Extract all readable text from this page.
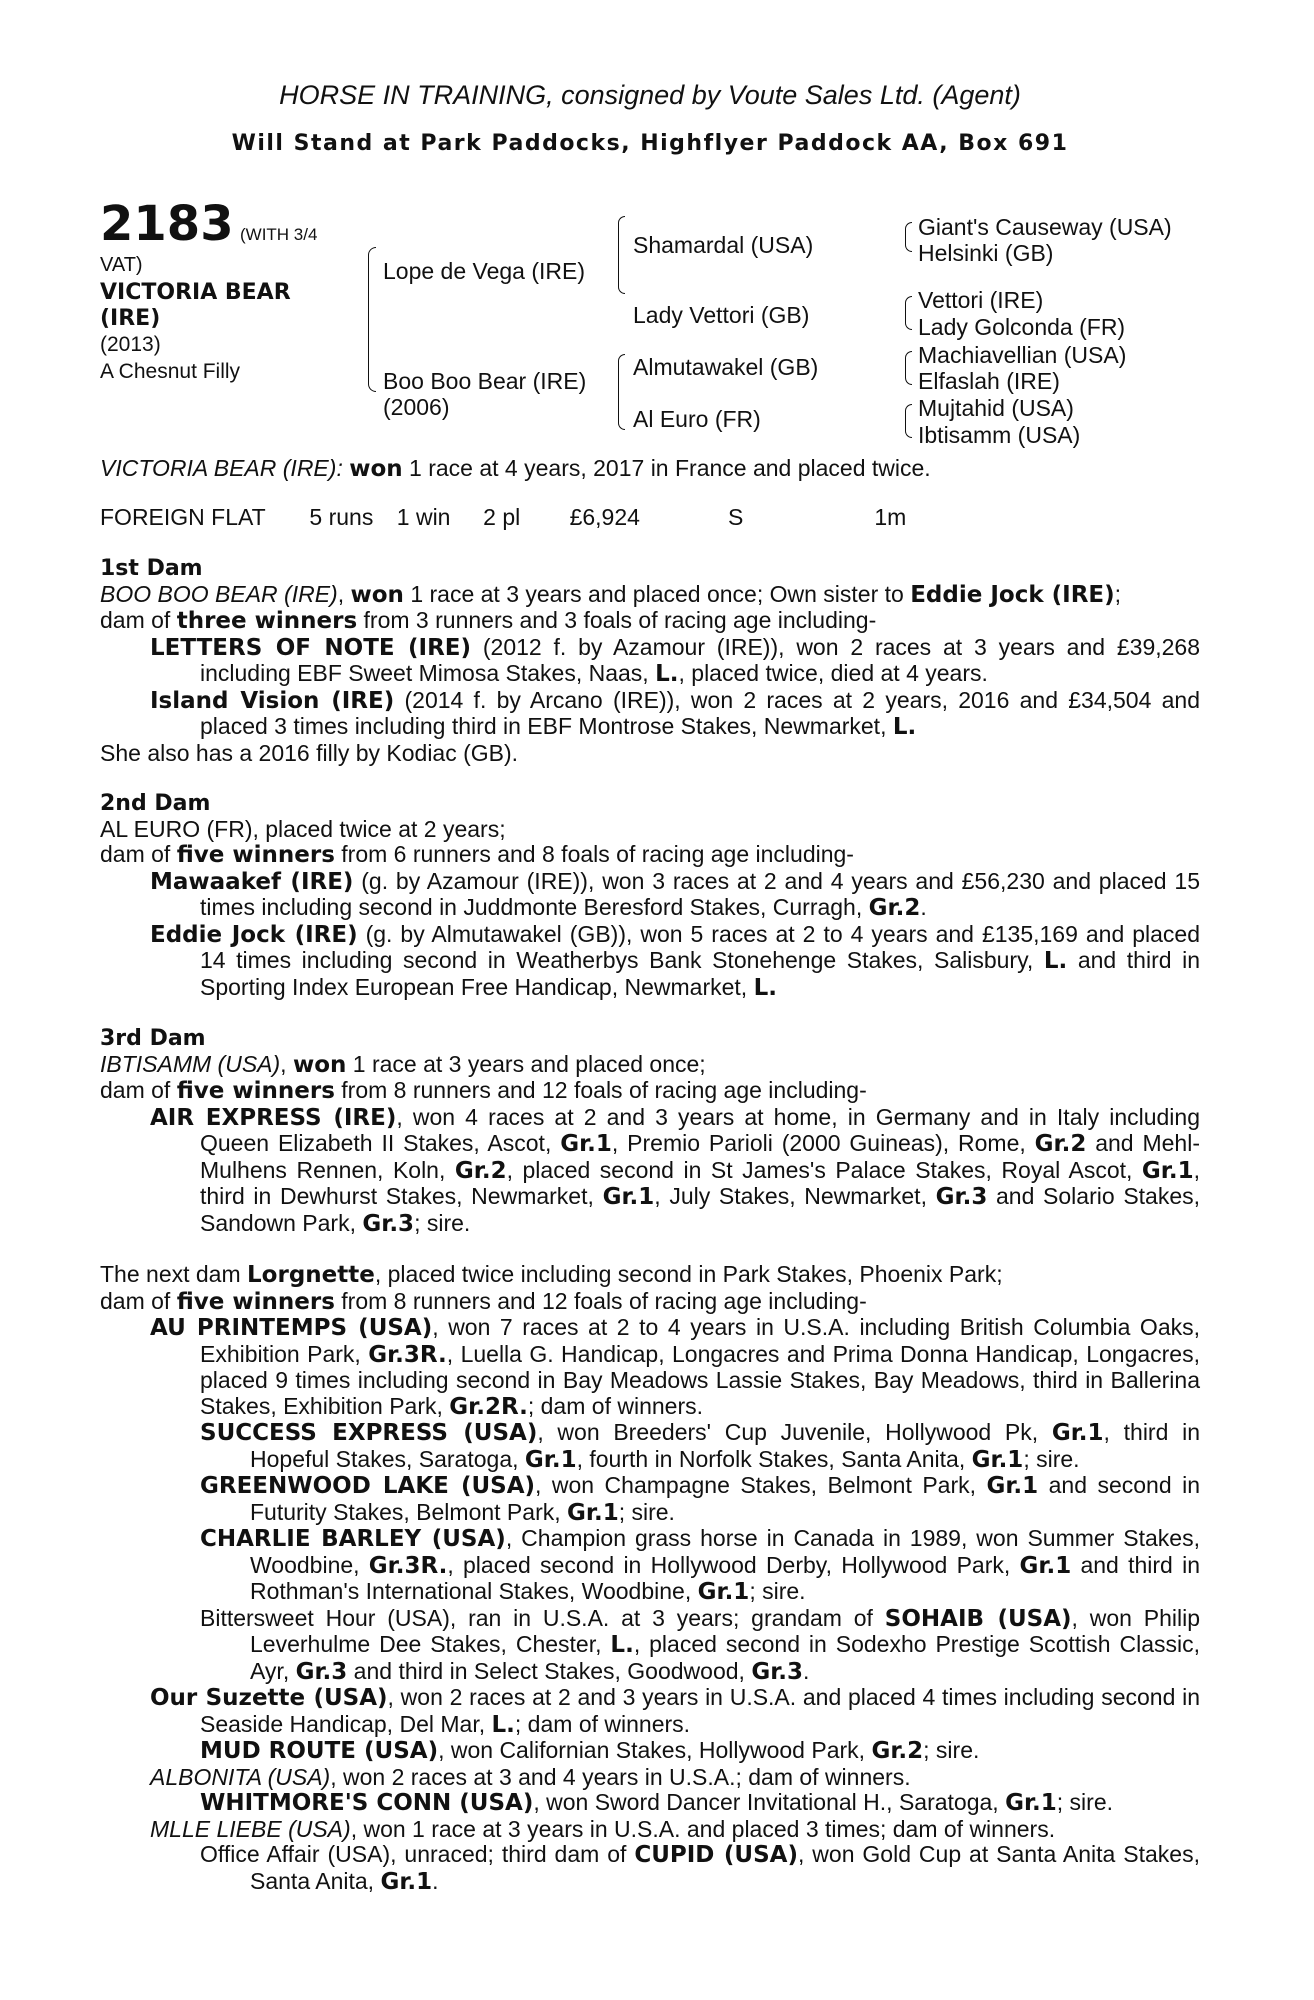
HORSE IN TRAINING, consigned by Voute Sales Ltd. (Agent)
Will Stand at Park Paddocks, Highflyer Paddock AA, Box 691
2183 (WITH 3/4
VAT)
VICTORIA BEAR
(IRE)
(2013)
A Chesnut Filly
Lope de Vega (IRE)
Boo Boo Bear (IRE)
(2006)
Shamardal (USA)
Lady Vettori (GB)
Almutawakel (GB)
Al Euro (FR)
Giant's Causeway (USA)
Helsinki (GB)
Vettori (IRE)
Lady Golconda (FR)
Machiavellian (USA)
Elfaslah (IRE)
Mujtahid (USA)
Ibtisamm (USA)

VICTORIA BEAR (IRE): won 1 race at 4 years, 2017 in France and placed twice.

FOREIGN FLAT 5 runs 1 win 2 pl £6,924	S	1m

1st Dam

BOO BOO BEAR (IRE), won 1 race at 3 years and placed once; Own sister to Eddie Jock (IRE);

dam of three winners from 3 runners and 3 foals of racing age including-

LETTERS OF NOTE (IRE) (2012 f. by Azamour (IRE)), won 2 races at 3 years and £39,268 including EBF Sweet Mimosa Stakes, Naas, L., placed twice, died at 4 years.

Island Vision (IRE) (2014 f. by Arcano (IRE)), won 2 races at 2 years, 2016 and £34,504 and placed 3 times including third in EBF Montrose Stakes, Newmarket, L.

She also has a 2016 filly by Kodiac (GB).

2nd Dam

AL EURO (FR), placed twice at 2 years;

dam of five winners from 6 runners and 8 foals of racing age including-

Mawaakef (IRE) (g. by Azamour (IRE)), won 3 races at 2 and 4 years and £56,230 and placed 15 times including second in Juddmonte Beresford Stakes, Curragh, Gr.2.

Eddie Jock (IRE) (g. by Almutawakel (GB)), won 5 races at 2 to 4 years and £135,169 and placed 14 times including second in Weatherbys Bank Stonehenge Stakes, Salisbury, L. and third in Sporting Index European Free Handicap, Newmarket, L.

3rd Dam

IBTISAMM (USA), won 1 race at 3 years and placed once;

dam of five winners from 8 runners and 12 foals of racing age including-

AIR EXPRESS (IRE), won 4 races at 2 and 3 years at home, in Germany and in Italy including Queen Elizabeth II Stakes, Ascot, Gr.1, Premio Parioli (2000 Guineas), Rome, Gr.2 and Mehl-Mulhens Rennen, Koln, Gr.2, placed second in St James's Palace Stakes, Royal Ascot, Gr.1, third in Dewhurst Stakes, Newmarket, Gr.1, July Stakes, Newmarket, Gr.3 and Solario Stakes, Sandown Park, Gr.3; sire.

The next dam Lorgnette, placed twice including second in Park Stakes, Phoenix Park;

dam of five winners from 8 runners and 12 foals of racing age including-

AU PRINTEMPS (USA), won 7 races at 2 to 4 years in U.S.A. including British Columbia Oaks, Exhibition Park, Gr.3R., Luella G. Handicap, Longacres and Prima Donna Handicap, Longacres, placed 9 times including second in Bay Meadows Lassie Stakes, Bay Meadows, third in Ballerina Stakes, Exhibition Park, Gr.2R.; dam of winners.

SUCCESS EXPRESS (USA), won Breeders' Cup Juvenile, Hollywood Pk, Gr.1, third in Hopeful Stakes, Saratoga, Gr.1, fourth in Norfolk Stakes, Santa Anita, Gr.1; sire.

GREENWOOD LAKE (USA), won Champagne Stakes, Belmont Park, Gr.1 and second in Futurity Stakes, Belmont Park, Gr.1; sire.

CHARLIE BARLEY (USA), Champion grass horse in Canada in 1989, won Summer Stakes, Woodbine, Gr.3R., placed second in Hollywood Derby, Hollywood Park, Gr.1 and third in Rothman's International Stakes, Woodbine, Gr.1; sire.

Bittersweet Hour (USA), ran in U.S.A. at 3 years; grandam of SOHAIB (USA), won Philip Leverhulme Dee Stakes, Chester, L., placed second in Sodexho Prestige Scottish Classic, Ayr, Gr.3 and third in Select Stakes, Goodwood, Gr.3.

Our Suzette (USA), won 2 races at 2 and 3 years in U.S.A. and placed 4 times including second in Seaside Handicap, Del Mar, L.; dam of winners.

MUD ROUTE (USA), won Californian Stakes, Hollywood Park, Gr.2; sire.

ALBONITA (USA), won 2 races at 3 and 4 years in U.S.A.; dam of winners.

WHITMORE'S CONN (USA), won Sword Dancer Invitational H., Saratoga, Gr.1; sire.

MLLE LIEBE (USA), won 1 race at 3 years in U.S.A. and placed 3 times; dam of winners.

Office Affair (USA), unraced; third dam of CUPID (USA), won Gold Cup at Santa Anita Stakes, Santa Anita, Gr.1.
